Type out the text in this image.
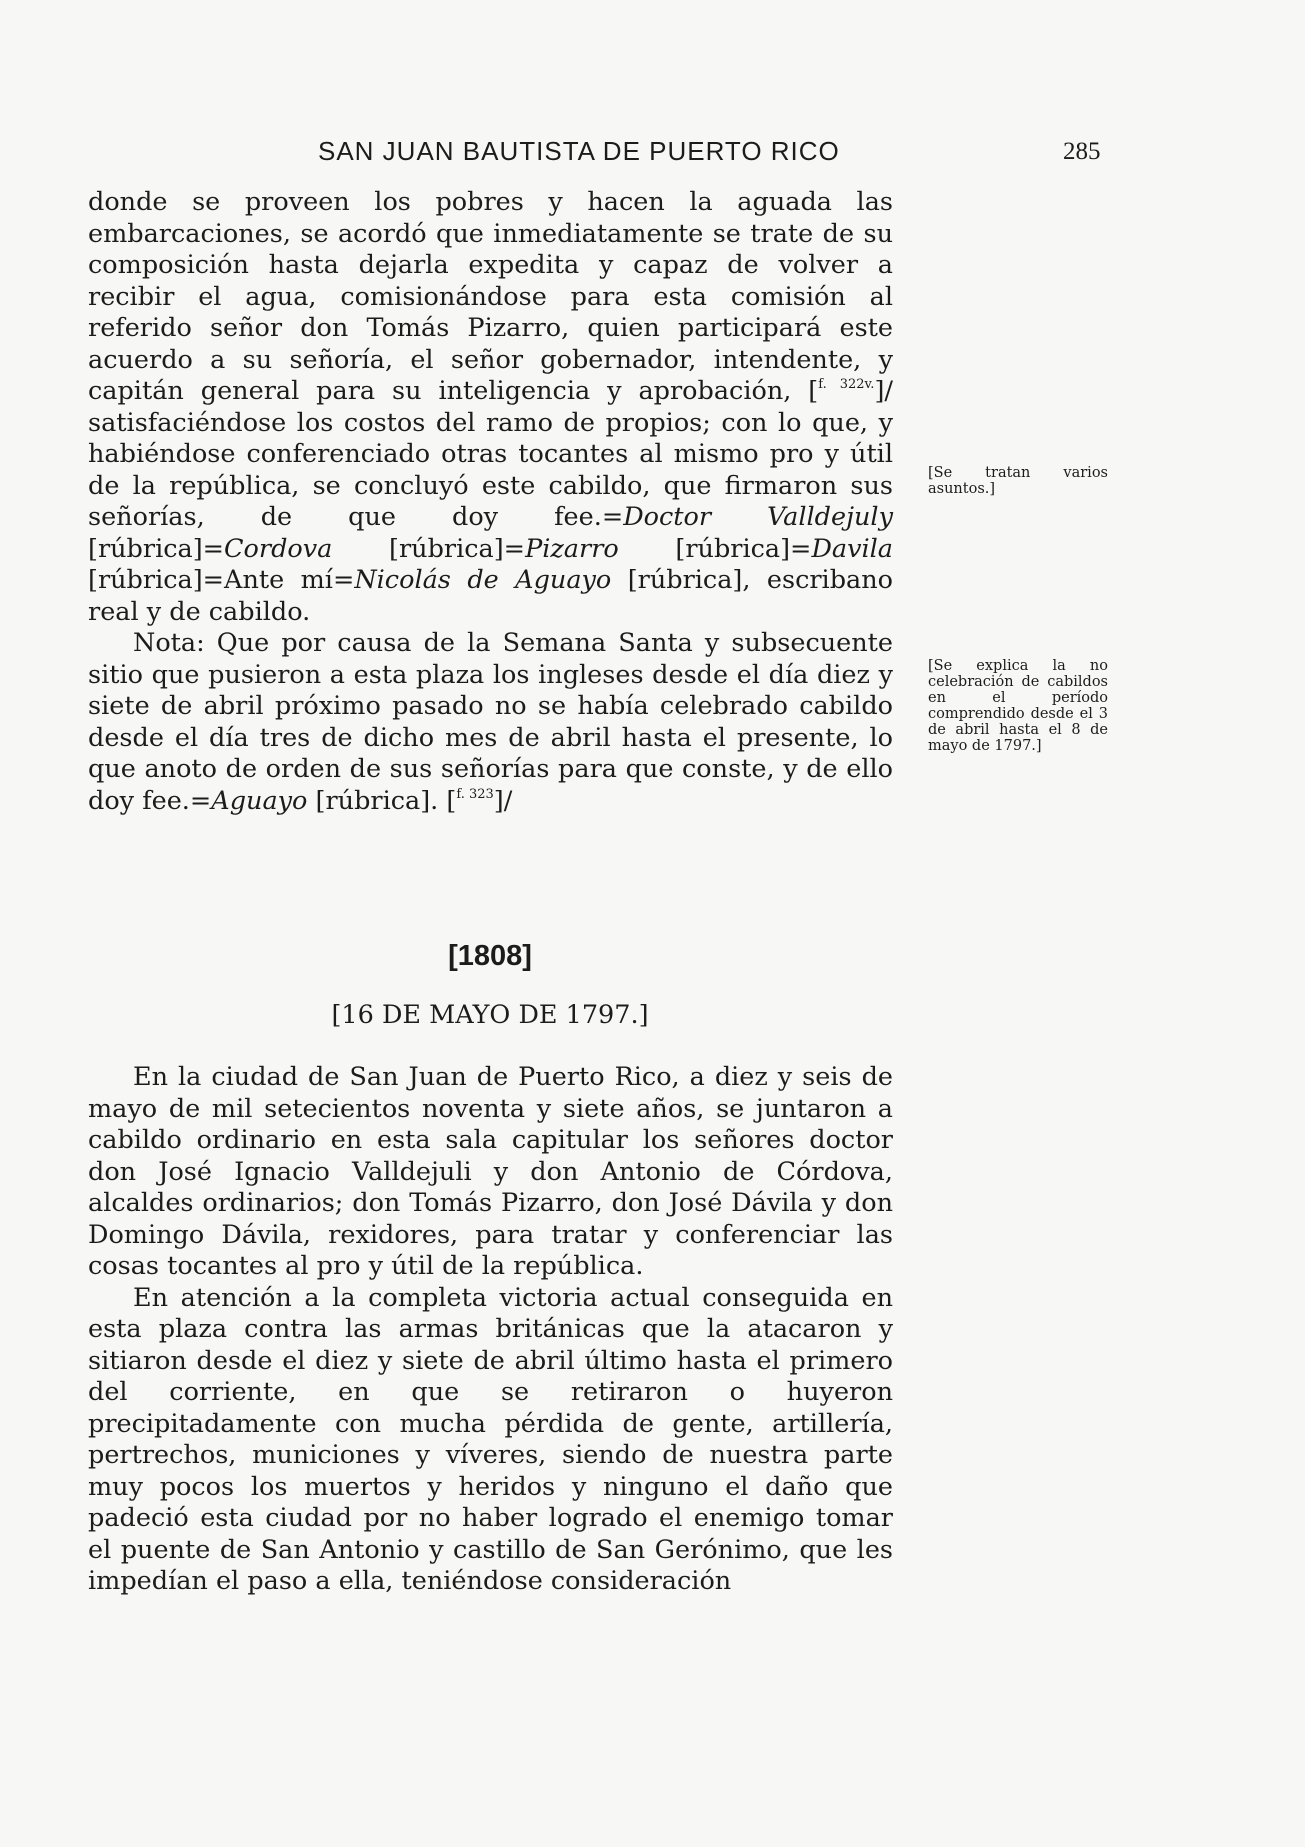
SAN JUAN BAUTISTA DE PUERTO RICO	285

donde se proveen los pobres y hacen la aguada las embarcaciones, se acordó que inmediatamente se trate de su composición hasta dejarla expedita y capaz de volver a recibir el agua, comisionándose para esta comisión al referido señor don Tomás Pizarro, quien participará este acuerdo a su señoría, el señor gobernador, intendente, y capitán general para su inteligencia y aprobación, [$^{f. 322v.}$]/ satisfaciéndose los costos del ramo de propios; con lo que, y habiéndose conferenciado otras tocantes al mismo pro y útil de la república, se concluyó este cabildo, que firmaron sus señorías, de que doy fee.=Doctor Valldejuly [rúbrica]=Cordova [rúbrica]=Pizarro [rúbrica]=Davila [rúbrica]=Ante mí=Nicolás de Aguayo [rúbrica], escribano real y de cabildo.

Nota: Que por causa de la Semana Santa y subsecuente sitio que pusieron a esta plaza los ingleses desde el día diez y siete de abril próximo pasado no se había celebrado cabildo desde el día tres de dicho mes de abril hasta el presente, lo que anoto de orden de sus señorías para que conste, y de ello doy fee.=Aguayo [rúbrica]. [$^{f. 323}$]/

[Se tratan varios asuntos.]
[Se explica la no celebración de cabildos en el período comprendido desde el 3 de abril hasta el 8 de mayo de 1797.]
[1808]
[16 DE MAYO DE 1797.]

En la ciudad de San Juan de Puerto Rico, a diez y seis de mayo de mil setecientos noventa y siete años, se juntaron a cabildo ordinario en esta sala capitular los señores doctor don José Ignacio Valldejuli y don Antonio de Córdova, alcaldes ordinarios; don Tomás Pizarro, don José Dávila y don Domingo Dávila, rexidores, para tratar y conferenciar las cosas tocantes al pro y útil de la república.

En atención a la completa victoria actual conseguida en esta plaza contra las armas británicas que la atacaron y sitiaron desde el diez y siete de abril último hasta el primero del corriente, en que se retiraron o huyeron precipitadamente con mucha pérdida de gente, artillería, pertrechos, municiones y víveres, siendo de nuestra parte muy pocos los muertos y heridos y ninguno el daño que padeció esta ciudad por no haber logrado el enemigo tomar el puente de San Antonio y castillo de San Gerónimo, que les impedían el paso a ella, teniéndose consideración
